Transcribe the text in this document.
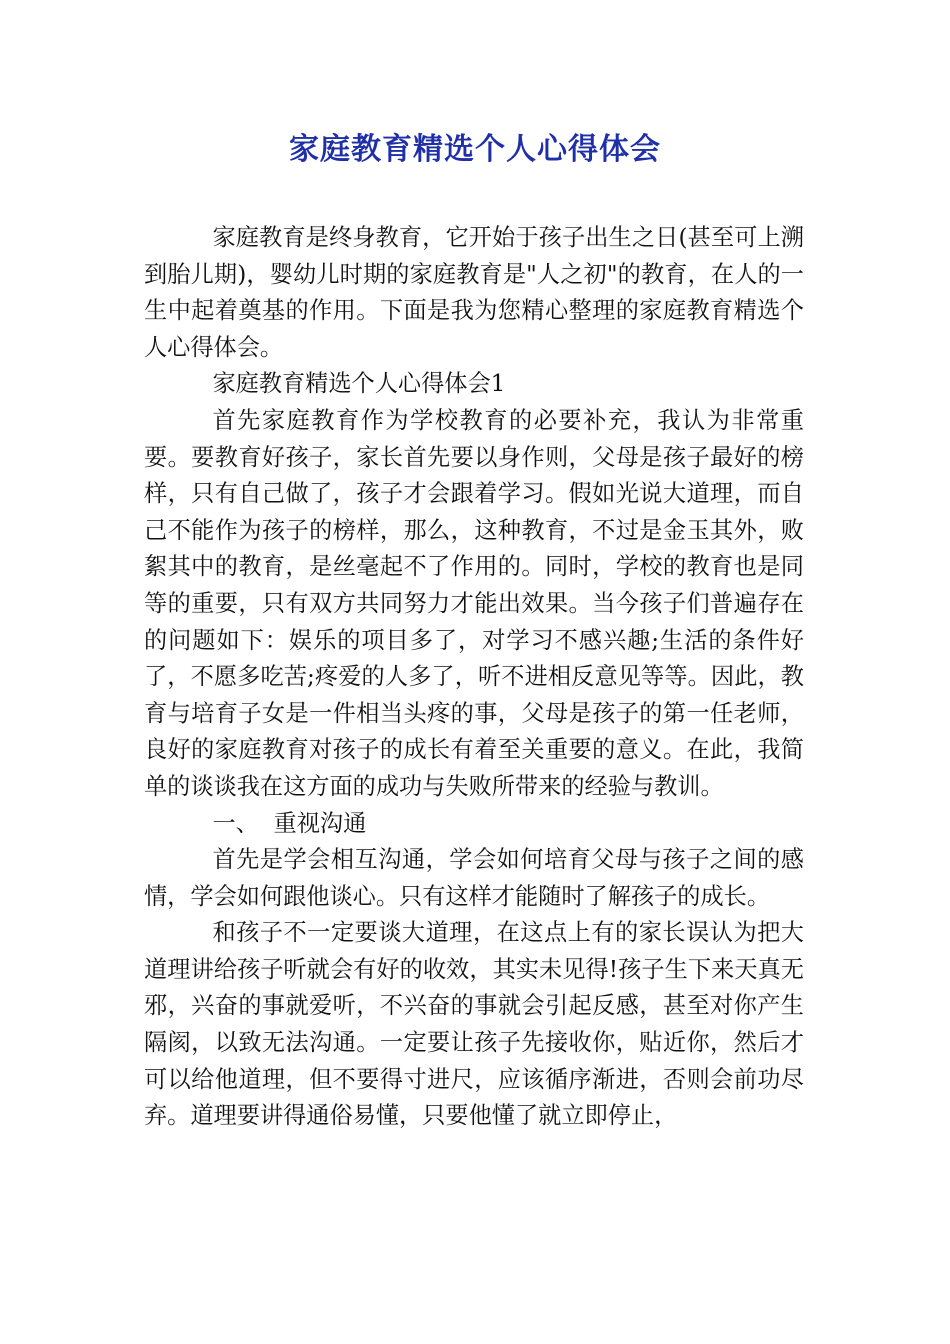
家庭教育精选个人心得体会

家庭教育是终身教育，它开始于孩子出生之日(甚至可上溯到胎儿期)，婴幼儿时期的家庭教育是"人之初"的教育，在人的一生中起着奠基的作用。下面是我为您精心整理的家庭教育精选个人心得体会。

家庭教育精选个人心得体会1

首先家庭教育作为学校教育的必要补充，我认为非常重要。要教育好孩子，家长首先要以身作则，父母是孩子最好的榜样，只有自己做了，孩子才会跟着学习。假如光说大道理，而自己不能作为孩子的榜样，那么，这种教育，不过是金玉其外，败絮其中的教育，是丝毫起不了作用的。同时，学校的教育也是同等的重要，只有双方共同努力才能出效果。当今孩子们普遍存在的问题如下：娱乐的项目多了，对学习不感兴趣;生活的条件好了，不愿多吃苦;疼爱的人多了，听不进相反意见等等。因此，教育与培育子女是一件相当头疼的事，父母是孩子的第一任老师，良好的家庭教育对孩子的成长有着至关重要的意义。在此，我简单的谈谈我在这方面的成功与失败所带来的经验与教训。

一、  重视沟通

首先是学会相互沟通，学会如何培育父母与孩子之间的感情，学会如何跟他谈心。只有这样才能随时了解孩子的成长。

和孩子不一定要谈大道理，在这点上有的家长误认为把大道理讲给孩子听就会有好的收效，其实未见得!孩子生下来天真无邪，兴奋的事就爱听，不兴奋的事就会引起反感，甚至对你产生隔阂，以致无法沟通。一定要让孩子先接收你，贴近你，然后才可以给他道理，但不要得寸进尺，应该循序渐进，否则会前功尽弃。道理要讲得通俗易懂，只要他懂了就立即停止，
